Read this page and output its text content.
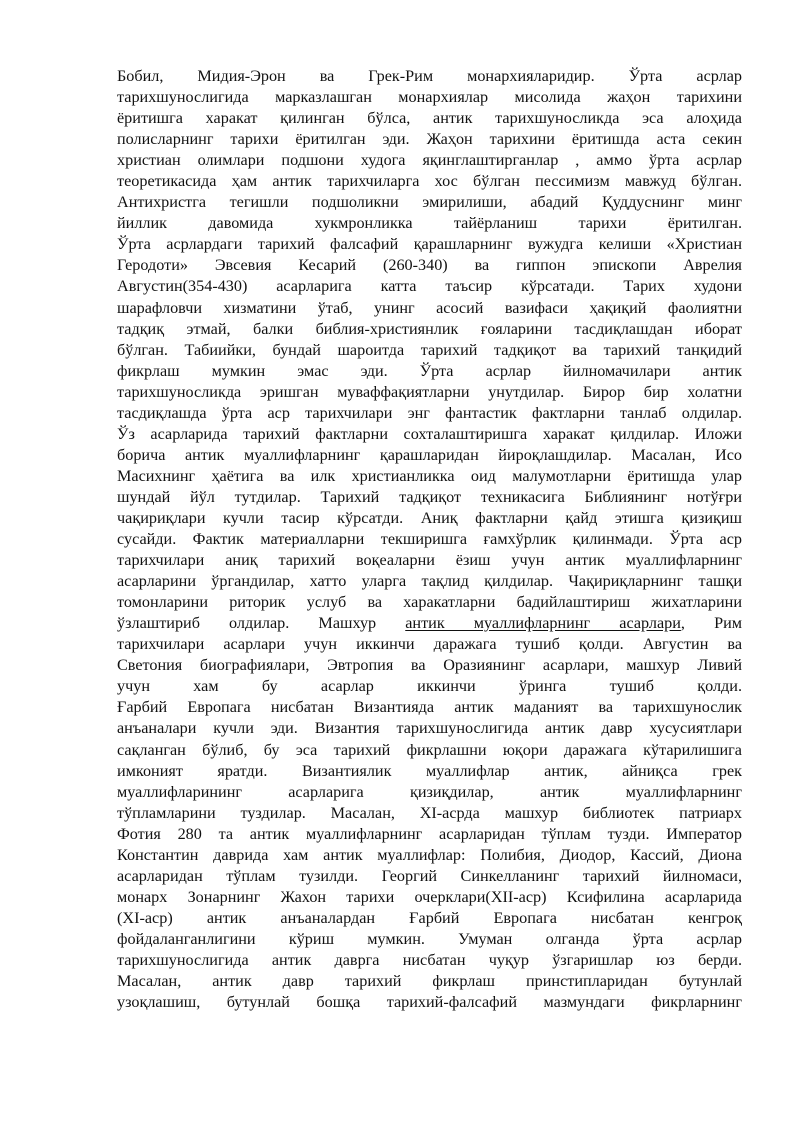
Бобил, Мидия-Эрон ва Грек-Рим монархияларидир. Ўрта асрлар
тарихшунослигида марказлашган монархиялар мисолида жаҳон тарихини
ёритишга харакат қилинган бўлса, антик тарихшуносликда эса алоҳида
полисларнинг тарихи ёритилган эди. Жаҳон тарихини ёритишда аста секин
христиан олимлари подшони худога яқинглаштирганлар , аммо ўрта асрлар
теоретикасида ҳам антик тарихчиларга хос бўлган пессимизм мавжуд бўлган.
Антихристга тегишли подшоликни эмирилиши, абадий Қуддуснинг минг
йиллик давомида хукмронликка тайёрланиш тарихи ёритилган.
Ўрта асрлардаги тарихий фалсафий қарашларнинг вужудга келиши «Христиан
Геродоти» Эвсевия Кесарий (260-340) ва гиппон эпископи Аврелия
Августин(354-430) асарларига катта таъсир кўрсатади. Тарих худони
шарафловчи хизматини ўтаб, унинг асосий вазифаси ҳақиқий фаолиятни
тадқиқ этмай, балки библия-християнлик ғояларини тасдиқлашдан иборат
бўлган. Табиийки, бундай шароитда тарихий тадқиқот ва тарихий танқидий
фикрлаш мумкин эмас эди. Ўрта асрлар йилномачилари антик
тарихшуносликда эришган муваффақиятларни унутдилар. Бирор бир холатни
тасдиқлашда ўрта аср тарихчилари энг фантастик фактларни танлаб олдилар.
Ўз асарларида тарихий фактларни сохталаштиришга харакат қилдилар. Иложи
борича антик муаллифларнинг қарашларидан йироқлашдилар. Масалан, Исо
Масихнинг ҳаётига ва илк христианликка оид малумотларни ёритишда улар
шундай йўл тутдилар. Тарихий тадқиқот техникасига Библиянинг нотўғри
чақириқлари кучли тасир кўрсатди. Аниқ фактларни қайд этишга қизиқиш
сусайди. Фактик материалларни текширишга ғамхўрлик қилинмади. Ўрта аср
тарихчилари аниқ тарихий воқеаларни ёзиш учун антик муаллифларнинг
асарларини ўргандилар, хатто уларга тақлид қилдилар. Чақириқларнинг ташқи
томонларини риторик услуб ва харакатларни бадийлаштириш жихатларини
ўзлаштириб олдилар. Машхур антик муаллифларнинг асарлари, Рим
тарихчилари асарлари учун иккинчи даражага тушиб қолди. Августин ва
Светония биографиялари, Эвтропия ва Оразиянинг асарлари, машхур Ливий
учун хам бу асарлар иккинчи ўринга тушиб қолди.
Ғарбий Европага нисбатан Византияда антик маданият ва тарихшунослик
анъаналари кучли эди. Византия тарихшунослигида антик давр хусусиятлари
сақланган бўлиб, бу эса тарихий фикрлашни юқори даражага кўтарилишига
имконият яратди. Византиялик муаллифлар антик, айниқса грек
муаллифларининг асарларига қизиқдилар, антик муаллифларнинг
тўпламларини туздилар. Масалан, XI-асрда машхур библиотек патриарх
Фотия 280 та антик муаллифларнинг асарларидан тўплам тузди. Император
Константин даврида хам антик муаллифлар: Полибия, Диодор, Кассий, Диона
асарларидан тўплам тузилди. Георгий Синкелланинг тарихий йилномаси,
монарх Зонарнинг Жахон тарихи очерклари(XII-аср) Ксифилина асарларида
(XI-аср) антик анъаналардан Ғарбий Европага нисбатан кенгроқ
фойдаланганлигини кўриш мумкин. Умуман олганда ўрта асрлар
тарихшунослигида антик даврга нисбатан чуқур ўзгаришлар юз берди.
Масалан, антик давр тарихий фикрлаш принстипларидан бутунлай
узоқлашиш, бутунлай бошқа тарихий-фалсафий мазмундаги фикрларнинг
